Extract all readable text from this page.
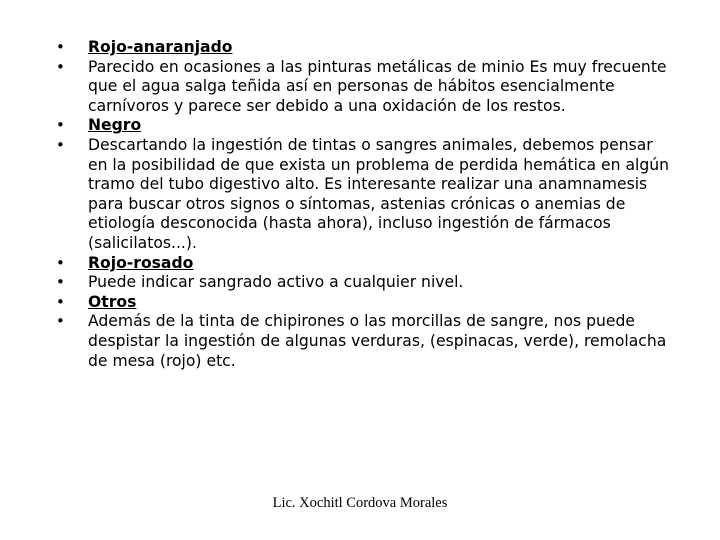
•	Rojo-anaranjado
•	Parecido en ocasiones a las pinturas metálicas de minio Es muy frecuente que el agua salga teñida así en personas de hábitos esencialmente carnívoros y parece ser debido a una oxidación de los restos.
•	Negro
•	Descartando la ingestión de tintas o sangres animales, debemos pensar en la posibilidad de que exista un problema de perdida hemática en algún tramo del tubo digestivo alto. Es interesante realizar una anamnamesis para buscar otros signos o síntomas, astenias crónicas o anemias de etiología desconocida (hasta ahora), incluso ingestión de fármacos (salicilatos...).
•	Rojo-rosado
•	Puede indicar sangrado activo a cualquier nivel.
•	Otros
•	Además de la tinta de chipirones o las morcillas de sangre, nos puede despistar la ingestión de algunas verduras, (espinacas, verde), remolacha de mesa (rojo) etc.
Lic. Xochitl Cordova Morales
